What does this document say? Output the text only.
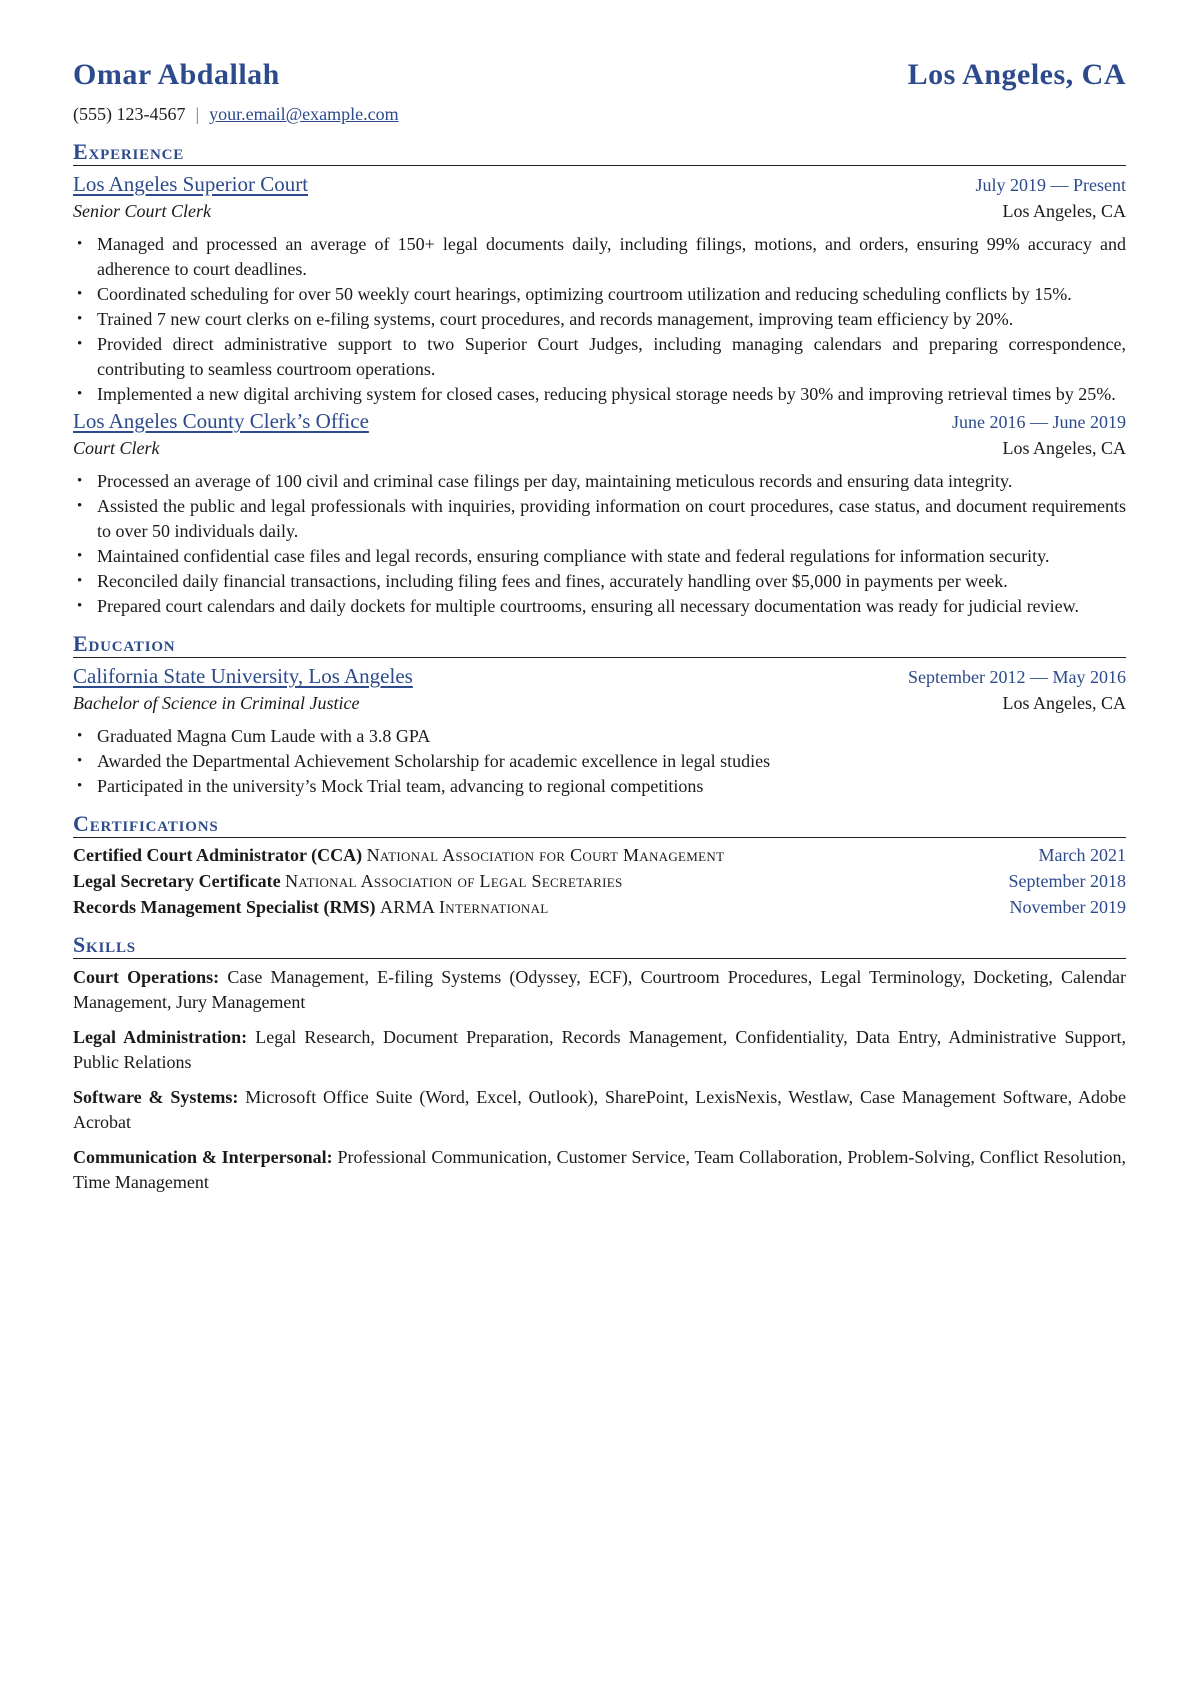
Omar Abdallah	Los Angeles, CA
(555) 123-4567 | your.email@example.com
Experience
Los Angeles Superior Court	July 2019 — Present
Senior Court Clerk	Los Angeles, CA
• Managed and processed an average of 150+ legal documents daily, including filings, motions, and orders, ensuring 99% accuracy and adherence to court deadlines.
• Coordinated scheduling for over 50 weekly court hearings, optimizing courtroom utilization and reducing scheduling conflicts by 15%.
• Trained 7 new court clerks on e-filing systems, court procedures, and records management, improving team efficiency by 20%.
• Provided direct administrative support to two Superior Court Judges, including managing calendars and preparing correspondence, contributing to seamless courtroom operations.
• Implemented a new digital archiving system for closed cases, reducing physical storage needs by 30% and improving retrieval times by 25%.
Los Angeles County Clerk’s Office	June 2016 — June 2019
Court Clerk	Los Angeles, CA
• Processed an average of 100 civil and criminal case filings per day, maintaining meticulous records and ensuring data integrity.
• Assisted the public and legal professionals with inquiries, providing information on court procedures, case status, and document requirements to over 50 individuals daily.
• Maintained confidential case files and legal records, ensuring compliance with state and federal regulations for information security.
• Reconciled daily financial transactions, including filing fees and fines, accurately handling over $5,000 in payments per week.
• Prepared court calendars and daily dockets for multiple courtrooms, ensuring all necessary documentation was ready for judicial review.
Education
California State University, Los Angeles	September 2012 — May 2016
Bachelor of Science in Criminal Justice	Los Angeles, CA
• Graduated Magna Cum Laude with a 3.8 GPA
• Awarded the Departmental Achievement Scholarship for academic excellence in legal studies
• Participated in the university’s Mock Trial team, advancing to regional competitions
Certifications
Certified Court Administrator (CCA) National Association for Court Management	March 2021
Legal Secretary Certificate National Association of Legal Secretaries	September 2018
Records Management Specialist (RMS) ARMA International	November 2019
Skills
Court Operations: Case Management, E-filing Systems (Odyssey, ECF), Courtroom Procedures, Legal Terminology, Docketing, Calendar Management, Jury Management
Legal Administration: Legal Research, Document Preparation, Records Management, Confidentiality, Data Entry, Administrative Support, Public Relations
Software & Systems: Microsoft Office Suite (Word, Excel, Outlook), SharePoint, LexisNexis, Westlaw, Case Management Software, Adobe Acrobat
Communication & Interpersonal: Professional Communication, Customer Service, Team Collaboration, Problem-Solving, Conflict Resolution, Time Management
